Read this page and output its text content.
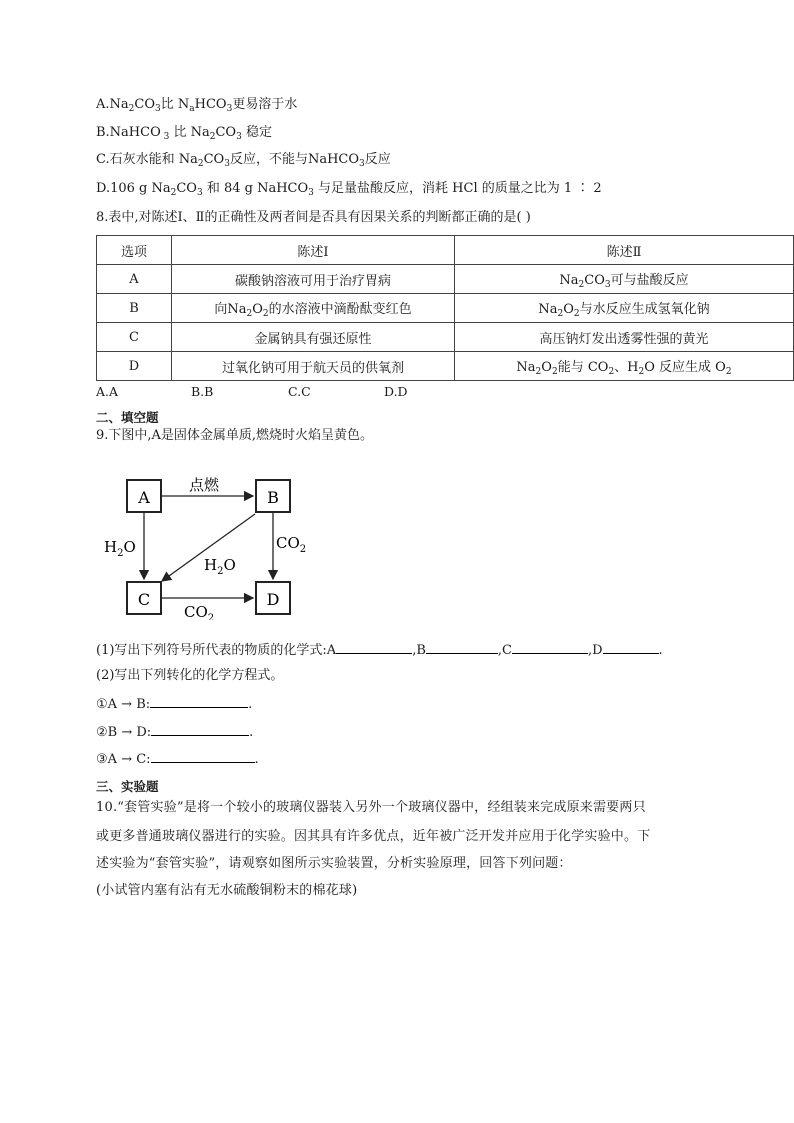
$A.Na_2CO_3$比 $N_aHCO_3$更易溶于水
B.NaHCO $_3$ 比 $Na_2CO_3$ 稳定
C.石灰水能和 $Na_2CO_3$反应，不能与NaHCO$_3$反应
D.106 g $Na_2CO_3$ 和 84 g NaHCO$_3$ 与足量盐酸反应，消耗 HCl 的质量之比为 1 ∶ 2
8.表中,对陈述Ⅰ、Ⅱ的正确性及两者间是否具有因果关系的判断都正确的是( )
选项	陈述Ⅰ	陈述Ⅱ
A	碳酸钠溶液可用于治疗胃病	$Na_2CO_3$可与盐酸反应
B	向$Na_2O_2$的水溶液中滴酚酞变红色	$Na_2O_2$与水反应生成氢氧化钠
C	金属钠具有强还原性	高压钠灯发出透雾性强的黄光
D	过氧化钠可用于航天员的供氧剂	$Na_2O_2$能与 $CO_2$、$H_2O$ 反应生成 $O_2$
A.A	B.B	C.C	D.D
二、填空题
9.下图中,A是固体金属单质,燃烧时火焰呈黄色。
A	B
C	D
点燃
$H_2O$	$CO_2$
$H_2O$
$CO_2$
(1)写出下列符号所代表的物质的化学式:A	,B	,C	,D	.
(2)写出下列转化的化学方程式。
①A → B:	.
②B → D:	.
③A → C:	.
三、实验题
10.“套管实验”是将一个较小的玻璃仪器装入另外一个玻璃仪器中，经组装来完成原来需要两只
或更多普通玻璃仪器进行的实验。因其具有许多优点，近年被广泛开发并应用于化学实验中。下
述实验为“套管实验”，请观察如图所示实验装置，分析实验原理，回答下列问题：
(小试管内塞有沾有无水硫酸铜粉末的棉花球)
